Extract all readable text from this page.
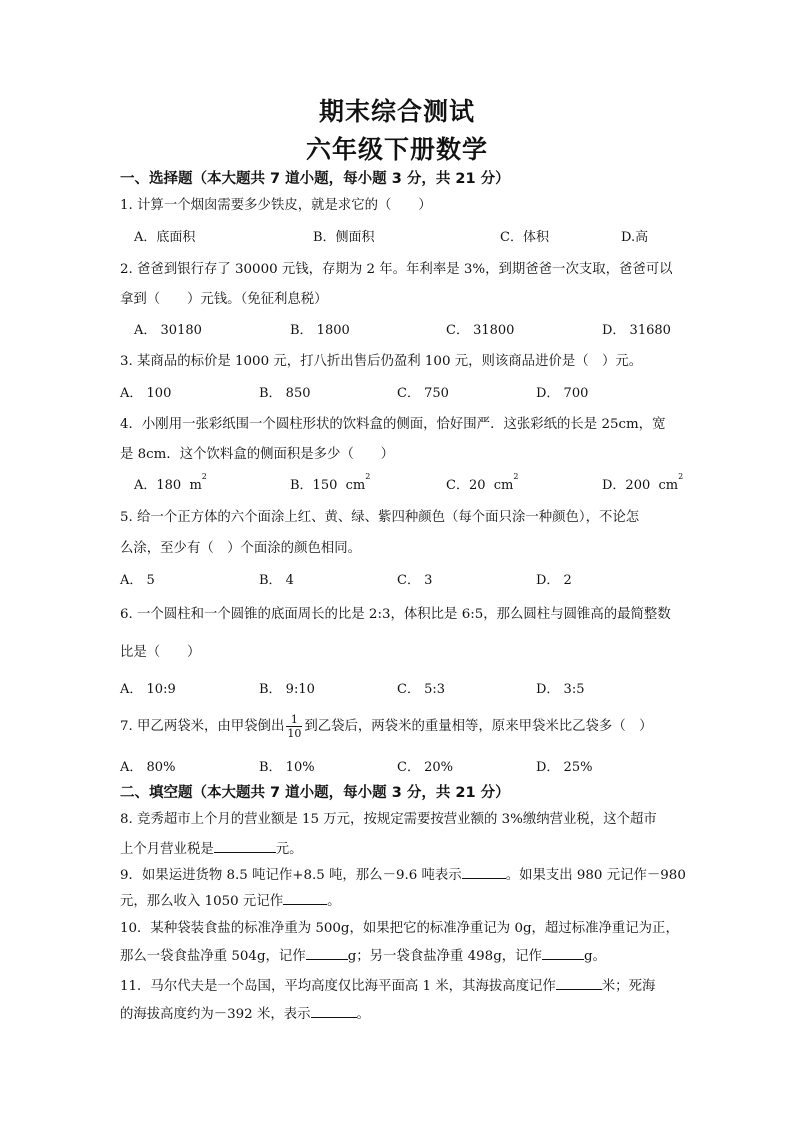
期末综合测试
六年级下册数学
一、选择题（本大题共 7 道小题，每小题 3 分，共 21 分）
1. 计算一个烟囱需要多少铁皮，就是求它的（　　）
A．底面积	B．侧面积	C．体积	D.高
2. 爸爸到银行存了 30000 元钱，存期为 2 年。年利率是 3%，到期爸爸一次支取，爸爸可以
拿到（　　）元钱。（免征利息税）
A． 30180	B． 1800	C． 31800	D． 31680
3. 某商品的标价是 1000 元，打八折出售后仍盈利 100 元，则该商品进价是（　）元。
A． 100	B． 850	C． 750	D． 700
4．小刚用一张彩纸围一个圆柱形状的饮料盒的侧面，恰好围严．这张彩纸的长是 25cm，宽
是 8cm．这个饮料盒的侧面积是多少（　　）
A．180 $m^2$
B．150 $cm^2$
C．20 $cm^2$
D．200 $cm^2$
5. 给一个正方体的六个面涂上红、黄、绿、紫四种颜色（每个面只涂一种颜色），不论怎
么涂，至少有（　）个面涂的颜色相同。
A． 5	B． 4	C． 3	D． 2
6. 一个圆柱和一个圆锥的底面周长的比是 2:3，体积比是 6:5，那么圆柱与圆锥高的最简整数
比是（　　）
A． 10:9	B． 9:10	C． 5:3	D． 3:5
7. 甲乙两袋米，由甲袋倒出 $\frac{1}{10}$ 到乙袋后，两袋米的重量相等，原来甲袋米比乙袋多（　）
A． 80%	B． 10%	C． 20%	D． 25%
二、填空题（本大题共 7 道小题，每小题 3 分，共 21 分）
8. 竞秀超市上个月的营业额是 15 万元，按规定需要按营业额的 3%缴纳营业税，这个超市
上个月营业税是	元。
9．如果运进货物 8.5 吨记作+8.5 吨，那么－9.6 吨表示	。如果支出 980 元记作－980
元，那么收入 1050 元记作	。
10．某种袋装食盐的标准净重为 500g，如果把它的标准净重记为 0g，超过标准净重记为正，
那么一袋食盐净重 504g，记作	g；另一袋食盐净重 498g，记作	g。
11．马尔代夫是一个岛国，平均高度仅比海平面高 1 米，其海拔高度记作	米；死海
的海拔高度约为－392 米，表示	。
